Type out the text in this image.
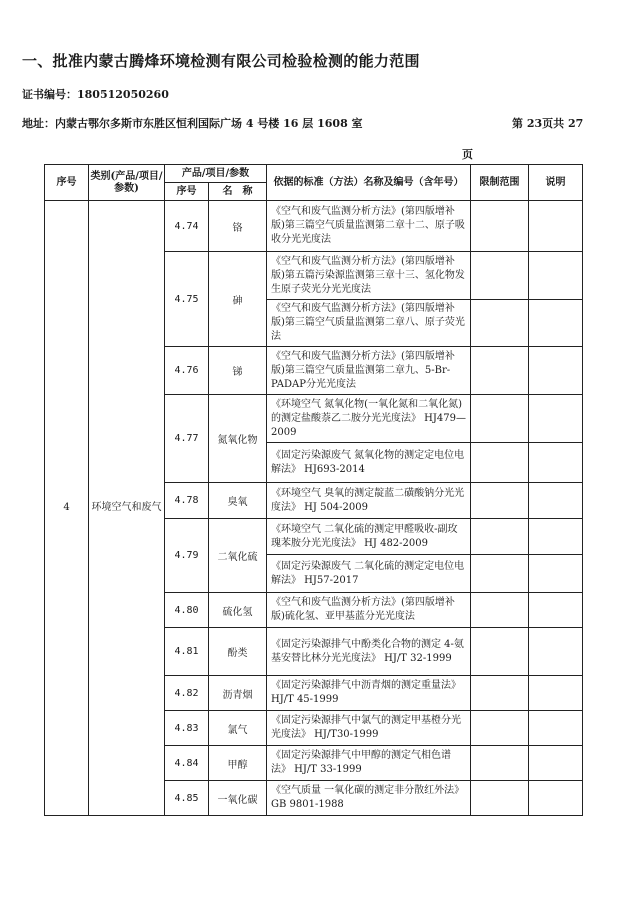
一、批准内蒙古腾烽环境检测有限公司检验检测的能力范围
证书编号：180512050260
地址：内蒙古鄂尔多斯市东胜区恒利国际广场 4 号楼 16 层 1608 室	第 23页共 27
页
序号	类别(产品/项目/参数)	产品/项目/参数		依据的标准（方法）名称及编号（含年号）	限制范围	说明
		序号	名　称			
4	环境空气和废气	4.74	铬	《空气和废气监测分析方法》(第四版增补版)第三篇空气质量监测第二章十二、原子吸收分光光度法		
		4.75	砷	《空气和废气监测分析方法》(第四版增补版)第五篇污染源监测第三章十三、氢化物发生原子荧光分光光度法		
				《空气和废气监测分析方法》(第四版增补版)第三篇空气质量监测第二章八、原子荧光法		
		4.76	锑	《空气和废气监测分析方法》(第四版增补版)第三篇空气质量监测第二章九、5-Br-PADAP分光光度法		
		4.77	氮氧化物	《环境空气 氮氧化物(一氧化氮和二氧化氮)的测定盐酸萘乙二胺分光光度法》 HJ479—2009		
				《固定污染源废气 氮氧化物的测定定电位电解法》 HJ693-2014		
		4.78	臭氧	《环境空气 臭氧的测定靛蓝二磺酸钠分光光度法》 HJ 504-2009		
		4.79	二氧化硫	《环境空气 二氧化硫的测定甲醛吸收-副玫瑰苯胺分光光度法》 HJ 482-2009		
				《固定污染源废气 二氧化硫的测定定电位电解法》 HJ57-2017		
		4.80	硫化氢	《空气和废气监测分析方法》(第四版增补版)硫化氢、亚甲基蓝分光光度法		
		4.81	酚类	《固定污染源排气中酚类化合物的测定 4-氨基安替比林分光光度法》 HJ/T 32-1999		
		4.82	沥青烟	《固定污染源排气中沥青烟的测定重量法》 HJ/T 45-1999		
		4.83	氯气	《固定污染源排气中氯气的测定甲基橙分光光度法》 HJ/T30-1999		
		4.84	甲醇	《固定污染源排气中甲醇的测定气相色谱法》 HJ/T 33-1999		
		4.85	一氧化碳	《空气质量 一氧化碳的测定非分散红外法》 GB 9801-1988		
